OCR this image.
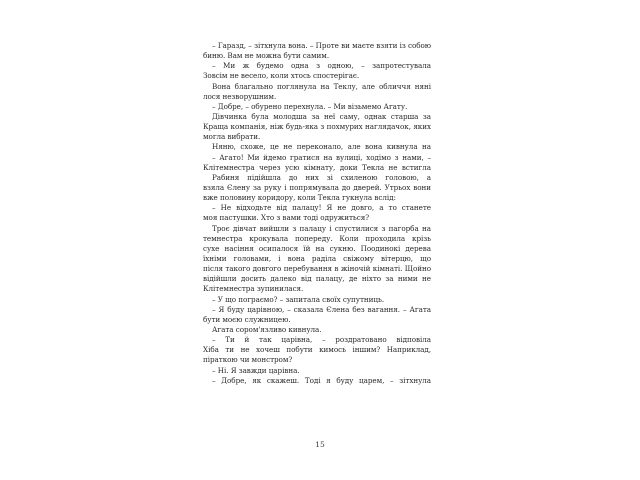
– Гаразд, – зітхнула вона. – Проте ви маєте взяти із собою
биню. Вам не можна бути самим.
– Ми ж будемо одна з одною, – запротестувала
Зовсім не весело, коли хтось спостерігає.
Вона благально поглянула на Теклу, але обличчя няні
лося незворушним.
– Добре, – обурено перехнула. – Ми візьмемо Агату.
Дівчинка була молодша за неї саму, однак старша за
Краща компанія, ніж будь-яка з похмурих наглядачок, яких
могла вибрати.
Няню, схоже, це не переконало, але вона кивнула на
– Агато! Ми йдемо гратися на вулиці, ходімо з нами, –
Клітемнестра через усю кімнату, доки Текла не встигла
Рабиня підійшла до них зі схиленою головою, а
взяла Єлену за руку і попрямувала до дверей. Утрьох вони
вже половину коридору, коли Текла гукнула вслід:
– Не відходьте від палацу! Я не довго, а то станете
моя пастушки. Хто з вами тоді одружиться?
Троє дівчат вийшли з палацу і спустилися з пагорба на
темнестра крокувала попереду. Коли проходила крізь
сухе насіння осипалося їй на сукню. Поодинокі дерева
їхніми головами, і вона раділа свіжому вітерцю, що
після такого довгого перебування в жіночій кімнаті. Щойно
відійшли досить далеко від палацу, де ніхто за ними не
Клітемнестра зупинилася.
– У що пограємо? – запитала своїх супутниць.
– Я буду царівною, – сказала Єлена без вагання. – Агата
бути моєю служницею.
Агата сором'язливо кивнула.
– Ти й так царівна, – роздратовано відповіла
Хіба ти не хочеш побути кимось іншим? Наприклад,
піраткою чи монстром?
– Ні. Я завжди царівна.
– Добре, як скажеш. Тоді я буду царем, – зітхнула
15
